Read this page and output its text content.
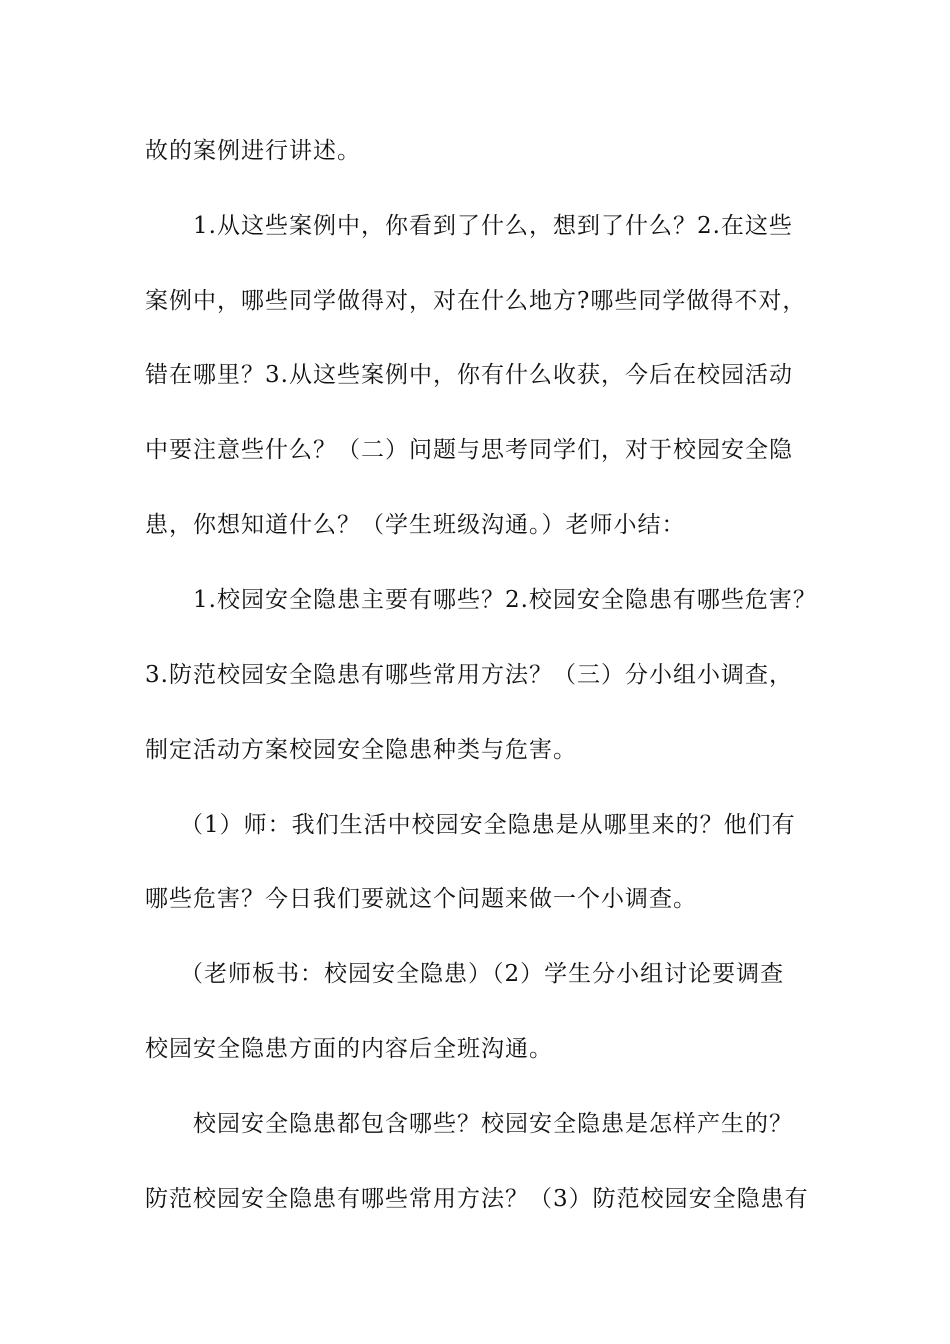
故的案例进行讲述。

1.从这些案例中，你看到了什么，想到了什么？2.在这些

案例中，哪些同学做得对，对在什么地方?哪些同学做得不对，

错在哪里？3.从这些案例中，你有什么收获，今后在校园活动

中要注意些什么？（二）问题与思考同学们，对于校园安全隐

患，你想知道什么？（学生班级沟通。）老师小结：

1.校园安全隐患主要有哪些？2.校园安全隐患有哪些危害？

3.防范校园安全隐患有哪些常用方法？（三）分小组小调查，

制定活动方案校园安全隐患种类与危害。

（1）师：我们生活中校园安全隐患是从哪里来的？他们有

哪些危害？今日我们要就这个问题来做一个小调查。

（老师板书：校园安全隐患）（2）学生分小组讨论要调查

校园安全隐患方面的内容后全班沟通。

校园安全隐患都包含哪些？校园安全隐患是怎样产生的？

防范校园安全隐患有哪些常用方法？（3）防范校园安全隐患有
